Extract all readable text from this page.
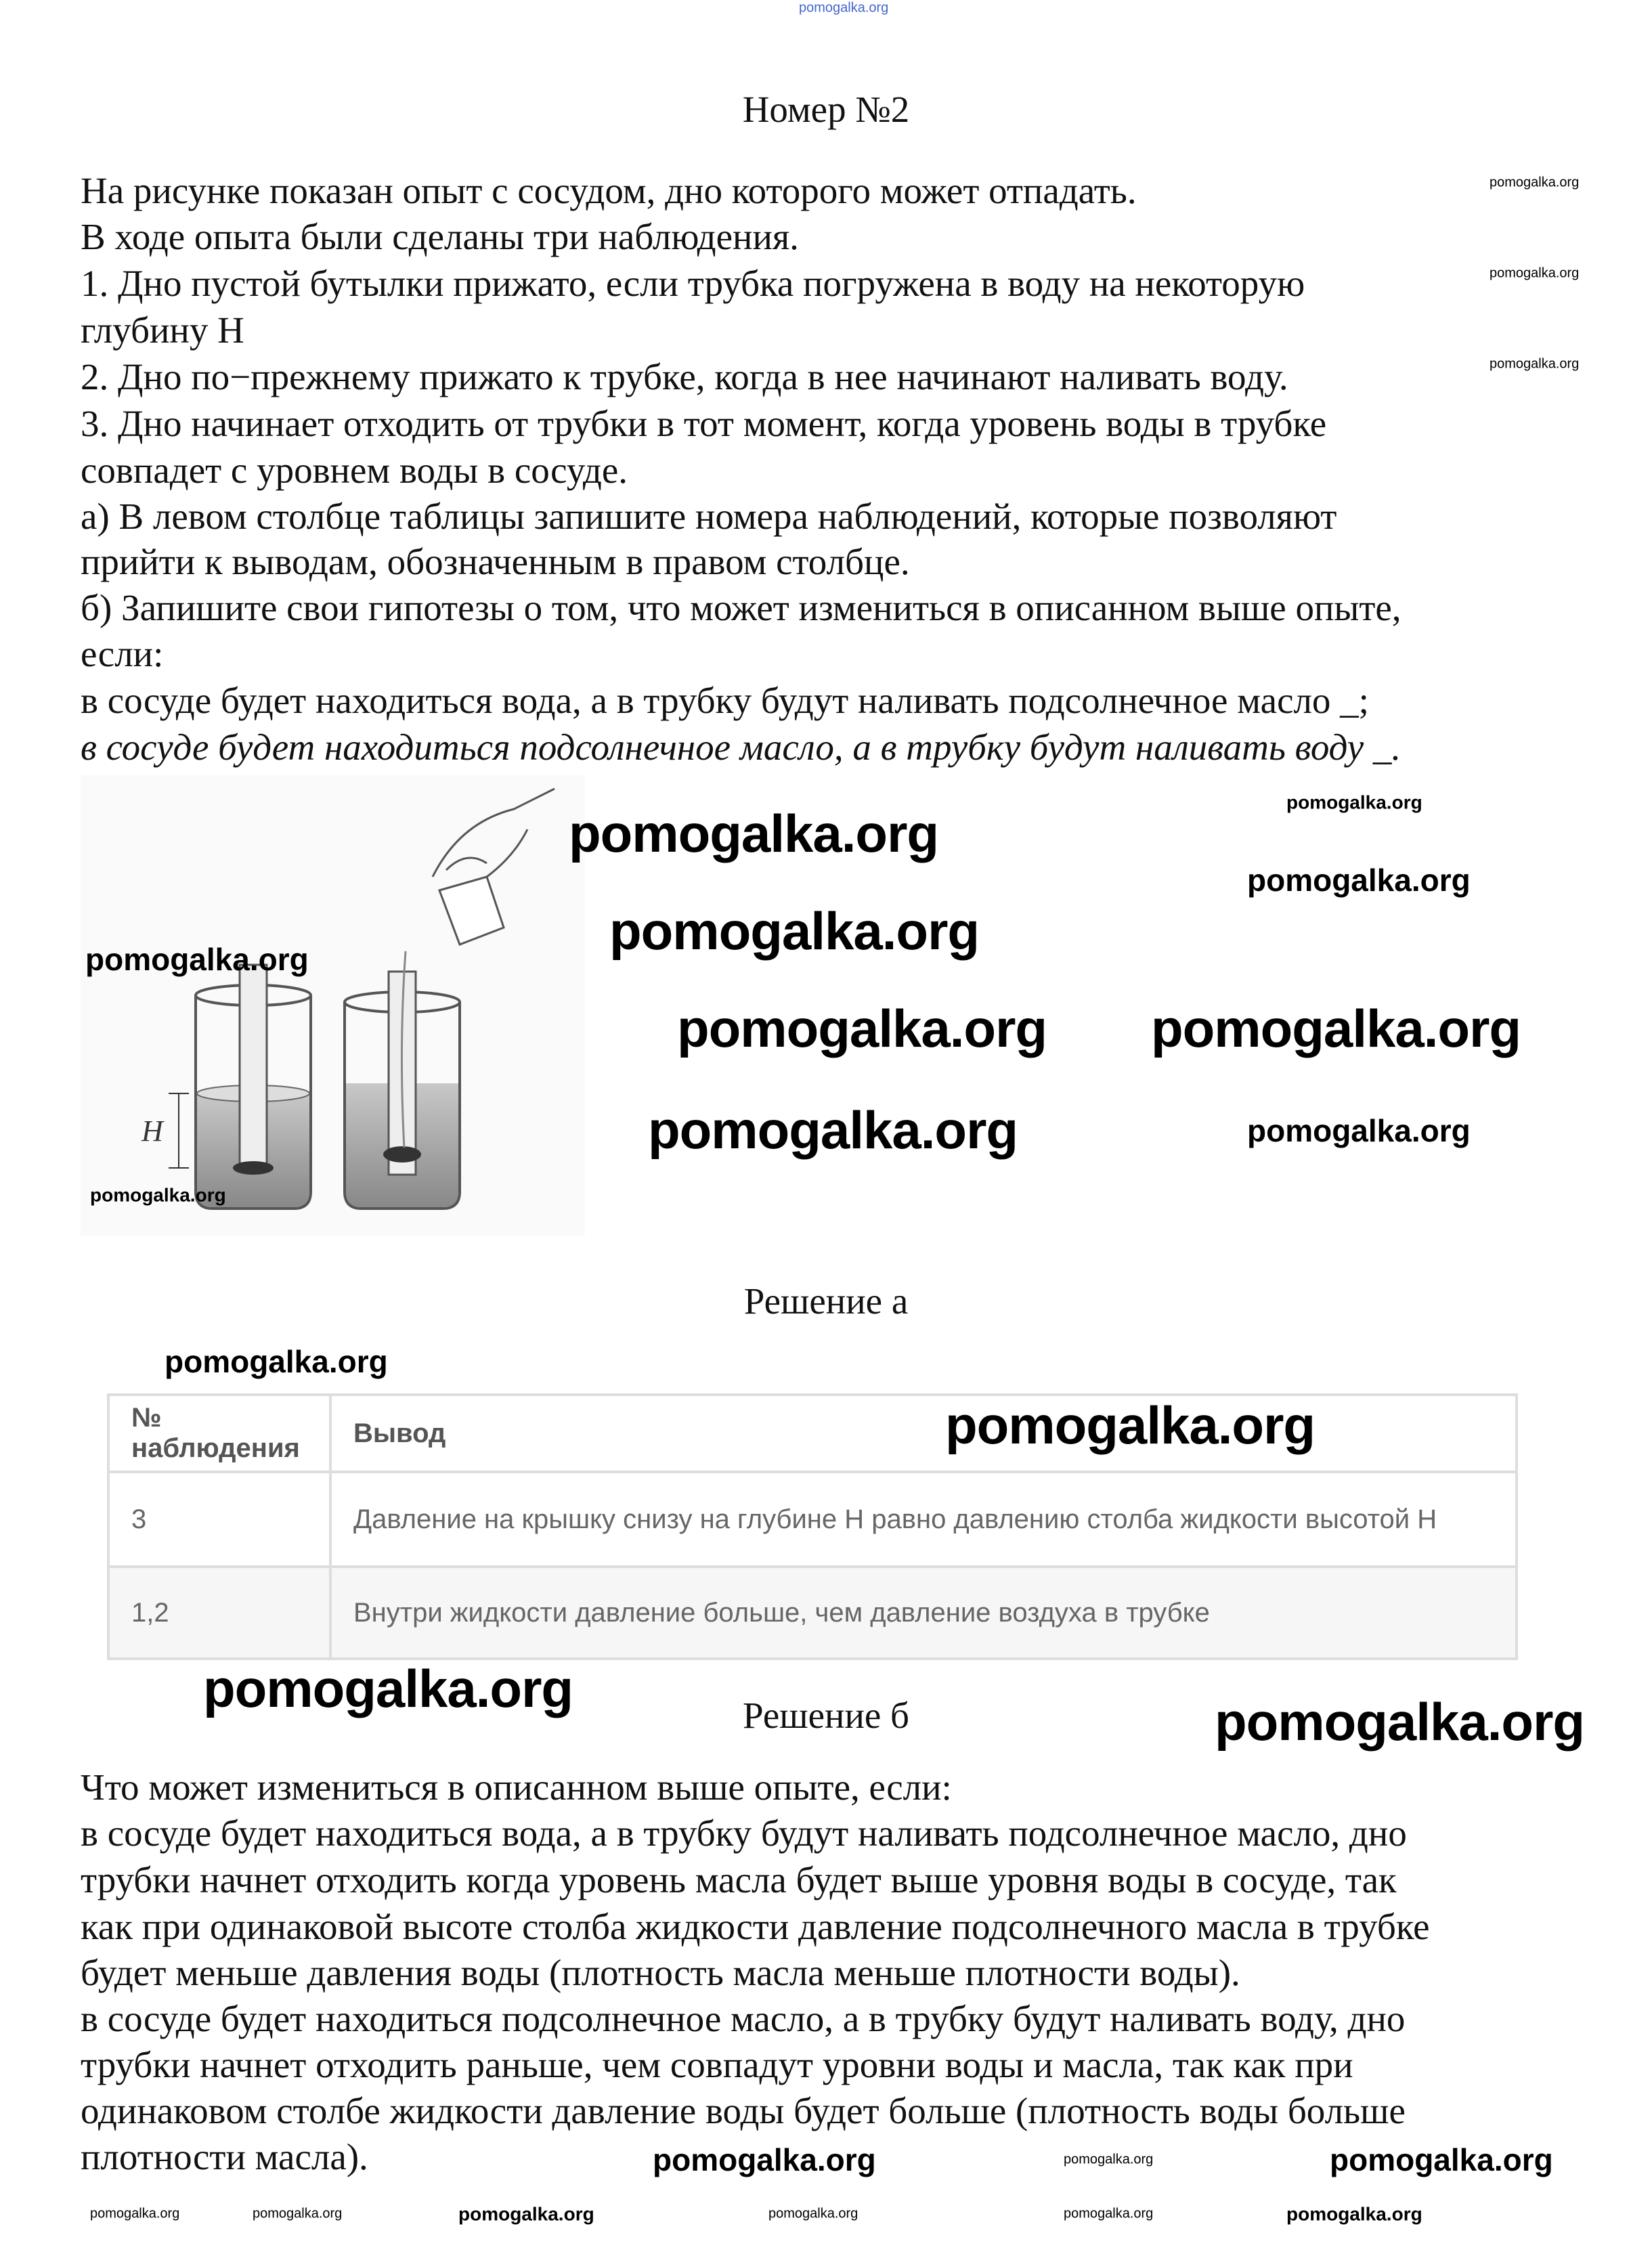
Номер №2
На рисунке показан опыт с сосудом, дно которого может отпадать.
В ходе опыта были сделаны три наблюдения.
1. Дно пустой бутылки прижато, если трубка погружена в воду на некоторую
глубину Н
2. Дно по−прежнему прижато к трубке, когда в нее начинают наливать воду.
3. Дно начинает отходить от трубки в тот момент, когда уровень воды в трубке
совпадет с уровнем воды в сосуде.
а) В левом столбце таблицы запишите номера наблюдений, которые позволяют
прийти к выводам, обозначенным в правом столбце.
б) Запишите свои гипотезы о том, что может измениться в описанном выше опыте,
если:
в сосуде будет находиться вода, а в трубку будут наливать подсолнечное масло _;
в сосуде будет находиться подсолнечное масло, а в трубку будут наливать воду _.
H
Решение а
№ наблюдения	Вывод
3	Давление на крышку снизу на глубине Н равно давлению столба жидкости высотой Н
1,2	Внутри жидкости давление больше, чем давление воздуха в трубке
Решение б
Что может измениться в описанном выше опыте, если:
в сосуде будет находиться вода, а в трубку будут наливать подсолнечное масло, дно
трубки начнет отходить когда уровень масла будет выше уровня воды в сосуде, так
как при одинаковой высоте столба жидкости давление подсолнечного масла в трубке
будет меньше давления воды (плотность масла меньше плотности воды).
в сосуде будет находиться подсолнечное масло, а в трубку будут наливать воду, дно
трубки начнет отходить раньше, чем совпадут уровни воды и масла, так как при
одинаковом столбе жидкости давление воды будет больше (плотность воды больше
плотности масла).
pomogalka.org
pomogalka.org
pomogalka.org
pomogalka.org
pomogalka.org
pomogalka.org pomogalka.org
pomogalka.org
pomogalka.org
pomogalka.org
pomogalka.org
pomogalka.org
pomogalka.org	pomogalka.org
pomogalka.org
pomogalka.org
pomogalka.org
pomogalka.org
pomogalka.org	pomogalka.org	pomogalka.org	pomogalka.org	pomogalka.org	pomogalka.org
pomogalka.org	pomogalka.org	pomogalka.org
